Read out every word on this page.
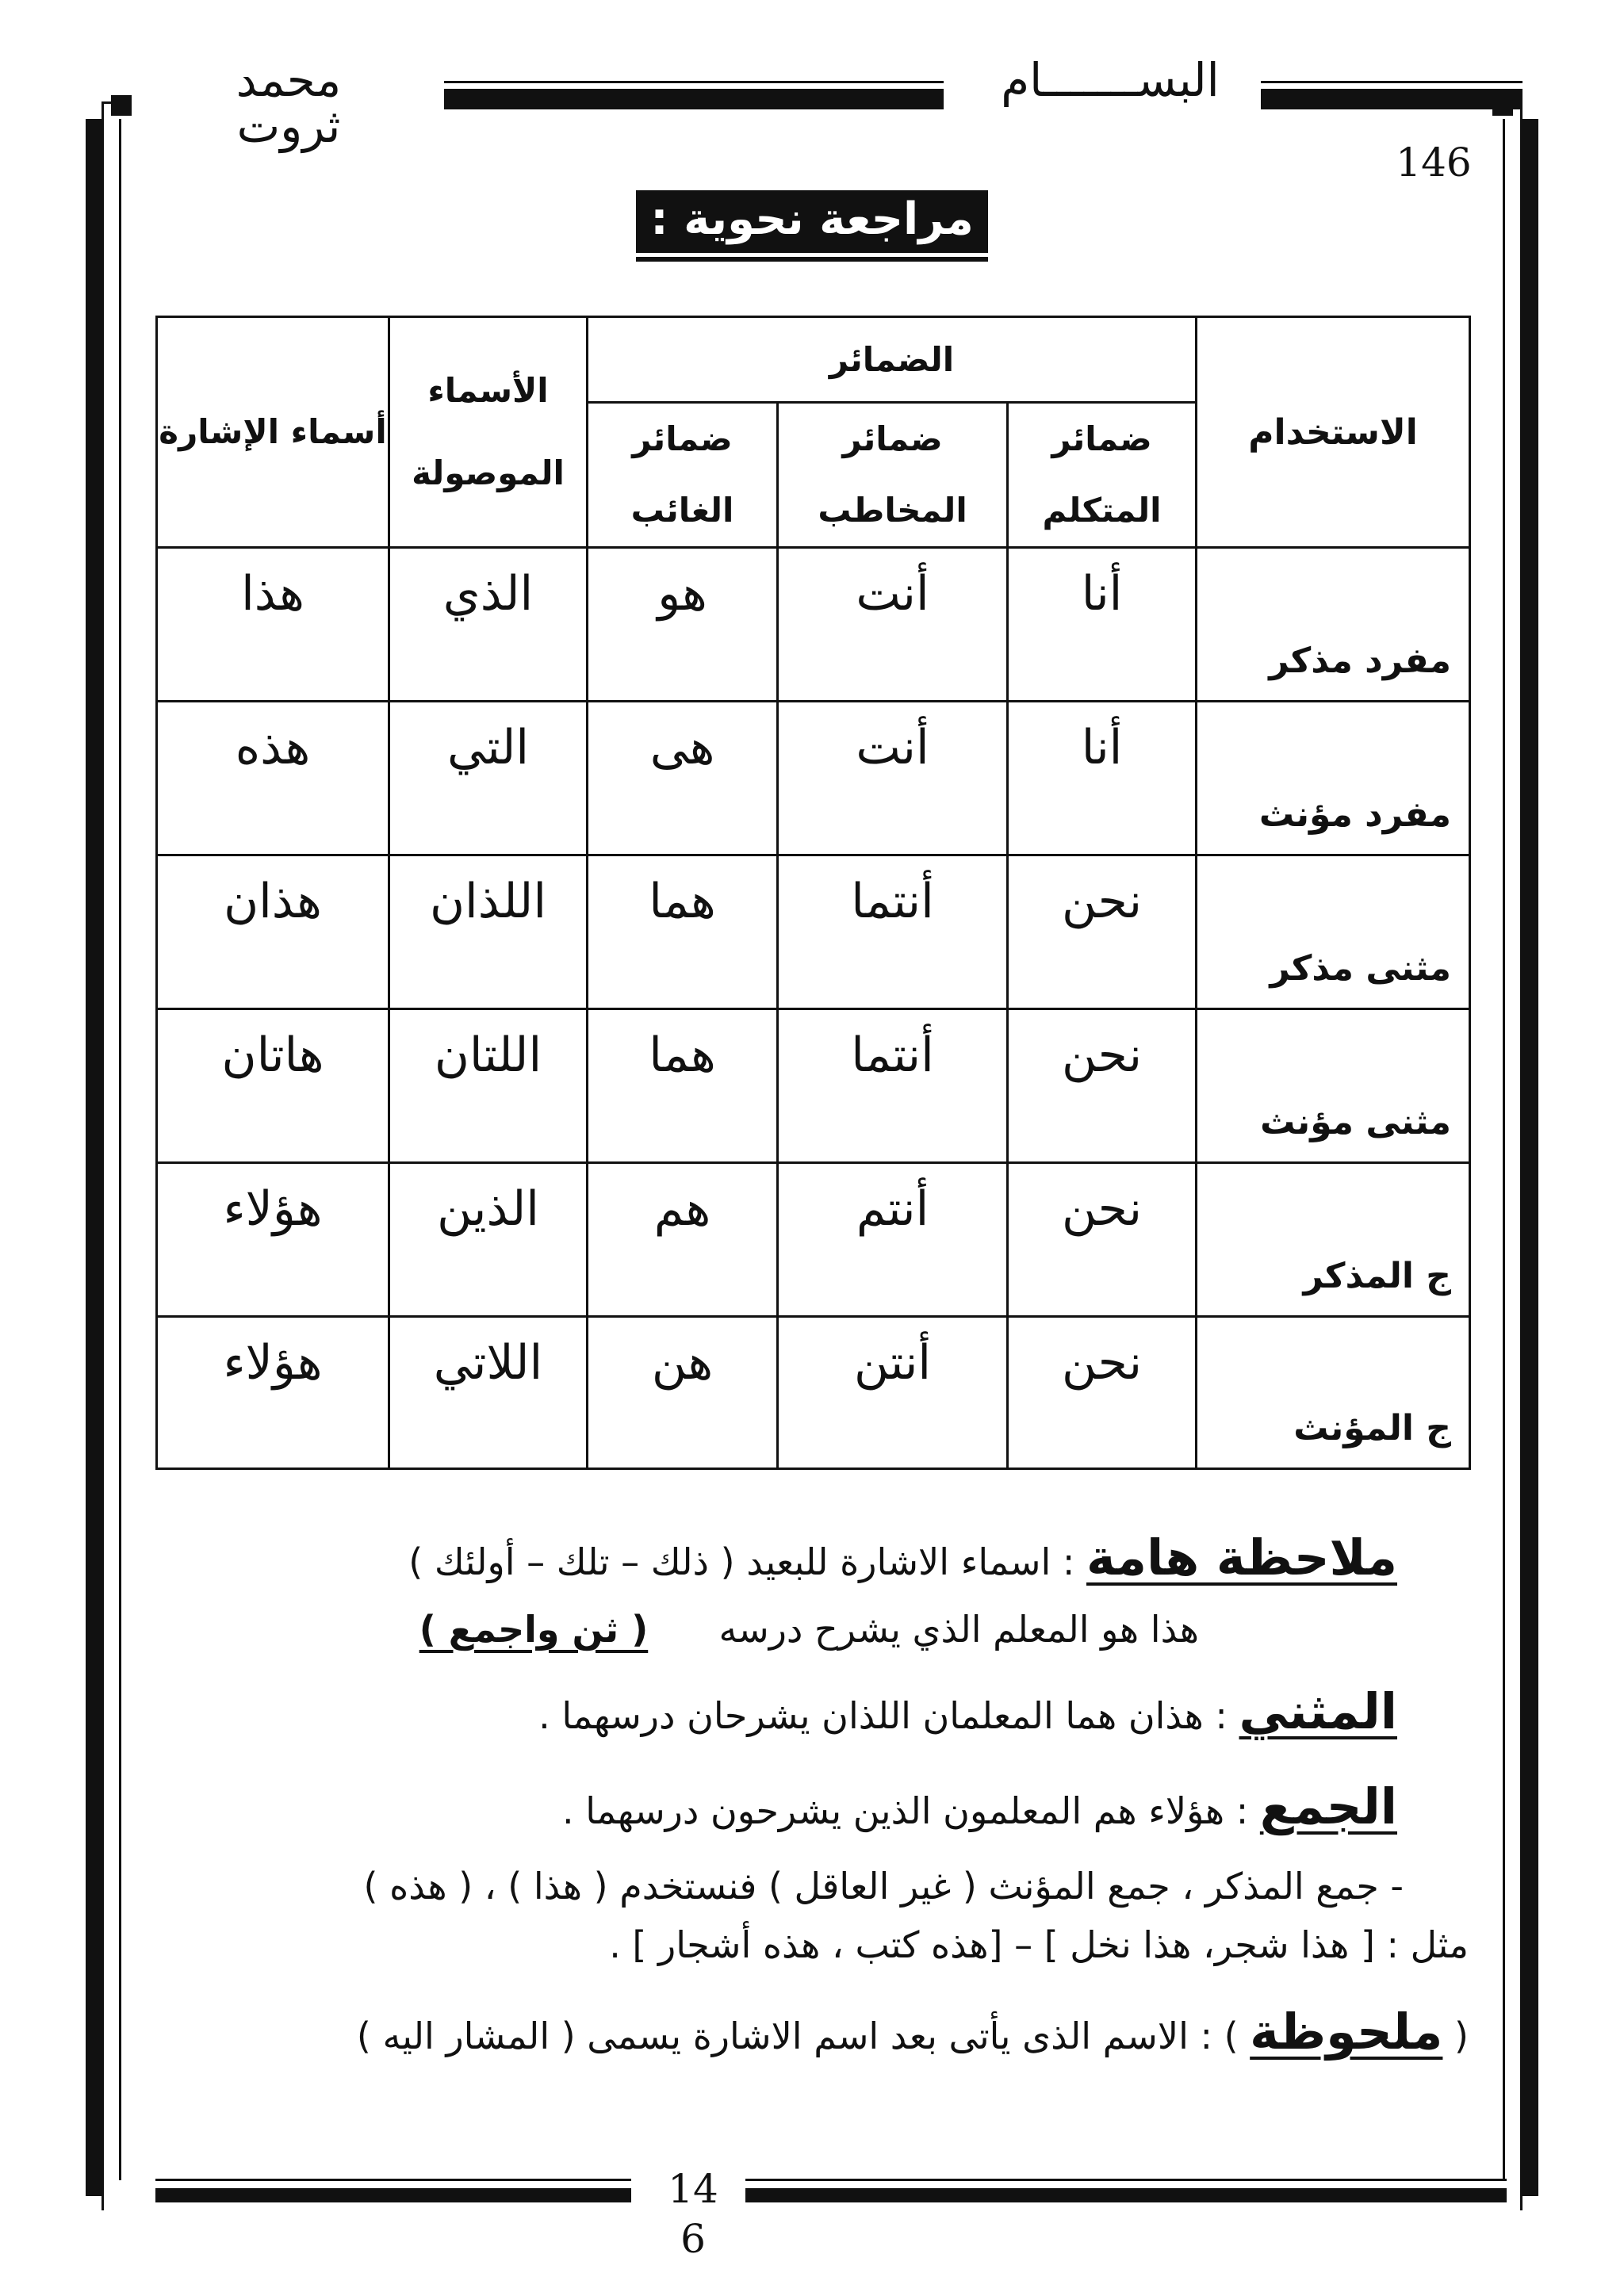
محمد ثروت
البســـــــام
146
مراجعة نحوية :
الاستخدام	الضمائر			الأسماء الموصولة	أسماء الإشارة
	ضمائر المتكلم	ضمائر المخاطب	ضمائر الغائب		
مفرد مذكر	أنا	أنت	هو	الذي	هذا
مفرد مؤنث	أنا	أنت	هى	التي	هذه
مثنى مذكر	نحن	أنتما	هما	اللذان	هذان
مثنى مؤنث	نحن	أنتما	هما	اللتان	هاتان
ج المذكر	نحن	أنتم	هم	الذين	هؤلاء
ج المؤنث	نحن	أنتن	هن	اللاتي	هؤلاء
ملاحظة هامة : اسماء الاشارة للبعيد ( ذلك – تلك – أولئك )
هذا هو المعلم الذي يشرح درسه  ( ثن واجمع )
المثني : هذان هما المعلمان اللذان يشرحان درسهما .
الجمع : هؤلاء هم المعلمون الذين يشرحون درسهما .
- جمع المذكر ، جمع المؤنث ( غير العاقل ) فنستخدم ( هذا ) ، ( هذه )
مثل : [ هذا شجر، هذا نخل ] – [هذه كتب ، هذه أشجار ] .
( ملحوظة ) : الاسم الذى يأتى بعد اسم الاشارة يسمى ( المشار اليه )
14
6
